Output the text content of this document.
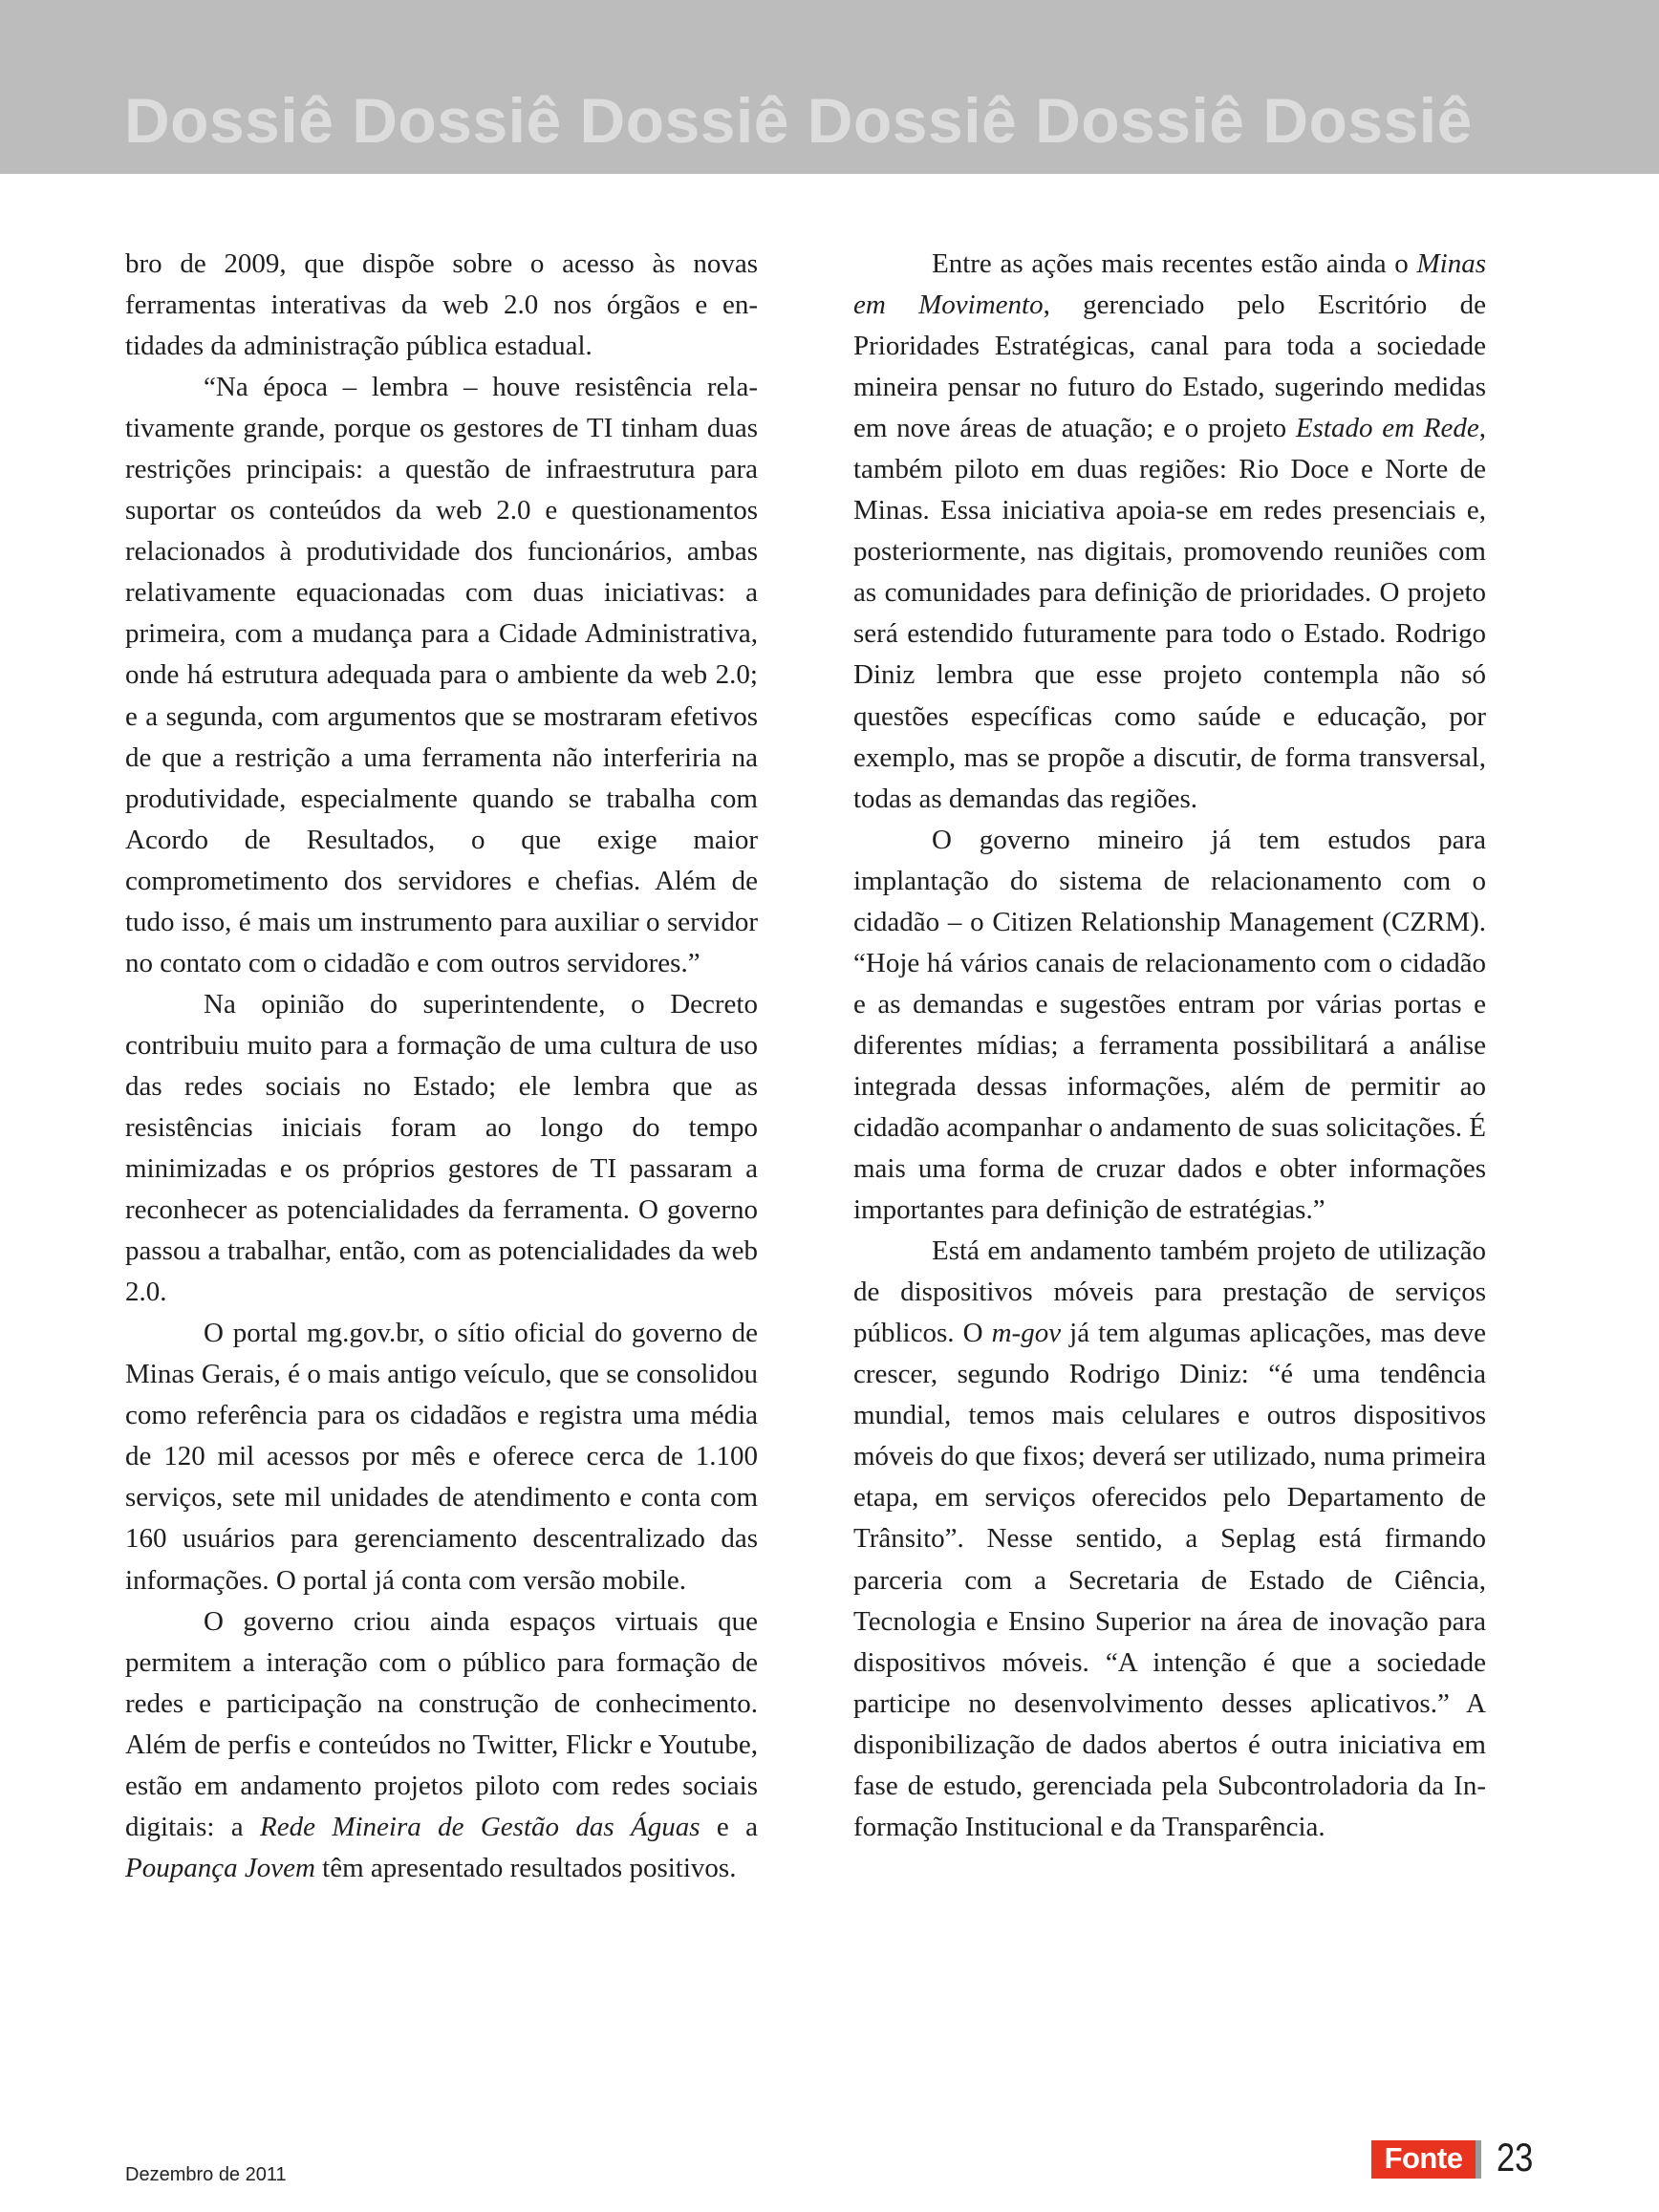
Dossiê Dossiê Dossiê Dossiê Dossiê Dossiê

bro de 2009, que dispõe sobre o acesso às novas ferramentas interativas da web 2.0 nos órgãos e entidades da administração pública estadual.

“Na época – lembra – houve resistência relativamente grande, porque os gestores de TI tinham duas restrições principais: a questão de infraestrutura para suportar os conteúdos da web 2.0 e questionamentos relacionados à produtividade dos funcionários, ambas relativamente equacionadas com duas iniciativas: a primeira, com a mudança para a Cidade Administrativa, onde há estrutura adequada para o ambiente da web 2.0; e a segunda, com argumentos que se mostraram efetivos de que a restrição a uma ferramenta não interferiria na produtividade, especialmente quando se trabalha com Acordo de Resultados, o que exige maior comprometimento dos servidores e chefias. Além de tudo isso, é mais um instrumento para auxiliar o servidor no contato com o cidadão e com outros servidores.”

Na opinião do superintendente, o Decreto contribuiu muito para a formação de uma cultura de uso das redes sociais no Estado; ele lembra que as resistências iniciais foram ao longo do tempo minimizadas e os próprios gestores de TI passaram a reconhecer as potencialidades da ferramenta. O governo passou a trabalhar, então, com as potencialidades da web 2.0.

O portal mg.gov.br, o sítio oficial do governo de Minas Gerais, é o mais antigo veículo, que se consolidou como referência para os cidadãos e registra uma média de 120 mil acessos por mês e oferece cerca de 1.100 serviços, sete mil unidades de atendimento e conta com 160 usuários para gerenciamento descentralizado das informações. O portal já conta com versão mobile.

O governo criou ainda espaços virtuais que permitem a interação com o público para formação de redes e participação na construção de conhecimento. Além de perfis e conteúdos no Twitter, Flickr e Youtube, estão em andamento projetos piloto com redes sociais digitais: a Rede Mineira de Gestão das Águas e a Poupança Jovem têm apresentado resultados positivos.

Entre as ações mais recentes estão ainda o Minas em Movimento, gerenciado pelo Escritório de Prioridades Estratégicas, canal para toda a sociedade mineira pensar no futuro do Estado, sugerindo medidas em nove áreas de atuação; e o projeto Estado em Rede, também piloto em duas regiões: Rio Doce e Norte de Minas. Essa iniciativa apoia-se em redes presenciais e, posteriormente, nas digitais, promovendo reuniões com as comunidades para definição de prioridades. O projeto será estendido futuramente para todo o Estado. Rodrigo Diniz lembra que esse projeto contempla não só questões específicas como saúde e educação, por exemplo, mas se propõe a discutir, de forma transversal, todas as demandas das regiões.

O governo mineiro já tem estudos para implantação do sistema de relacionamento com o cidadão – o Citizen Relationship Management (CZRM). “Hoje há vários canais de relacionamento com o cidadão e as demandas e sugestões entram por várias portas e diferentes mídias; a ferramenta possibilitará a análise integrada dessas informações, além de permitir ao cidadão acompanhar o andamento de suas solicitações. É mais uma forma de cruzar dados e obter informações importantes para definição de estratégias.”

Está em andamento também projeto de utilização de dispositivos móveis para prestação de serviços públicos. O m-gov já tem algumas aplicações, mas deve crescer, segundo Rodrigo Diniz: “é uma tendência mundial, temos mais celulares e outros dispositivos móveis do que fixos; deverá ser utilizado, numa primeira etapa, em serviços oferecidos pelo Departamento de Trânsito”. Nesse sentido, a Seplag está firmando parceria com a Secretaria de Estado de Ciência, Tecnologia e Ensino Superior na área de inovação para dispositivos móveis. “A intenção é que a sociedade participe no desenvolvimento desses aplicativos.” A disponibilização de dados abertos é outra iniciativa em fase de estudo, gerenciada pela Subcontroladoria da Informação Institucional e da Transparência.

Dezembro de 2011	Fonte 23
